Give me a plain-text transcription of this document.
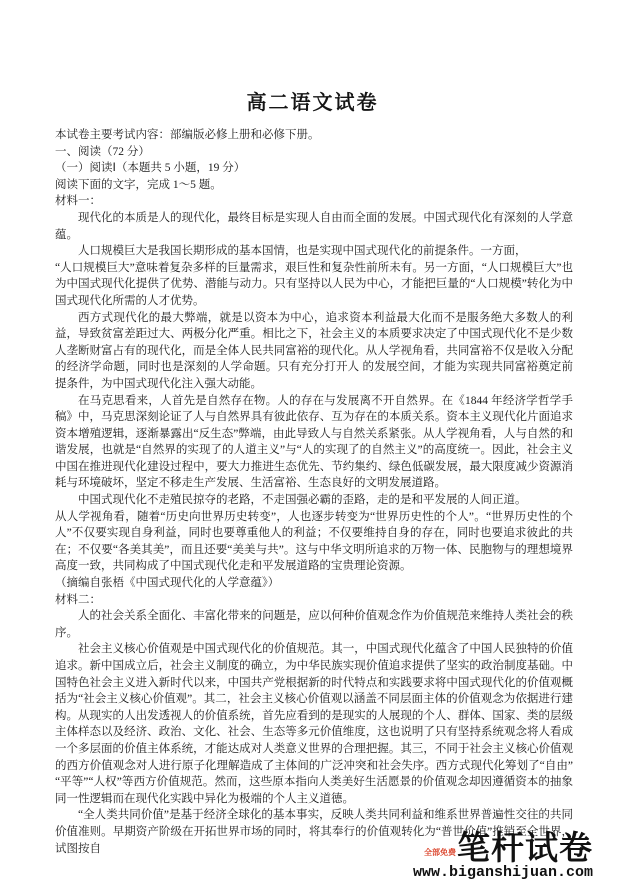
高二语文试卷

本试卷主要考试内容：部编版必修上册和必修下册。

一、阅读（72 分）

（一）阅读Ⅰ（本题共 5 小题，19 分）

阅读下面的文字，完成 1～5 题。

材料一：

现代化的本质是人的现代化，最终目标是实现人自由而全面的发展。中国式现代化有深刻的人学意蕴。

人口规模巨大是我国长期形成的基本国情，也是实现中国式现代化的前提条件。一方面，

“人口规模巨大”意味着复杂多样的巨量需求，艰巨性和复杂性前所未有。另一方面，“人口规模巨大”也为中国式现代化提供了优势、潜能与动力。只有坚持以人民为中心，才能把巨量的“人口规模”转化为中国式现代化所需的人才优势。

西方式现代化的最大弊端，就是以资本为中心，追求资本利益最大化而不是服务绝大多数人的利益，导致贫富差距过大、两极分化严重。相比之下，社会主义的本质要求决定了中国式现代化不是少数人垄断财富占有的现代化，而是全体人民共同富裕的现代化。从人学视角看，共同富裕不仅是收入分配的经济学命题，同时也是深刻的人学命题。只有充分打开人 的发展空间，才能为实现共同富裕奠定前提条件，为中国式现代化注入强大动能。

在马克思看来，人首先是自然存在物。人的存在与发展离不开自然界。在《1844 年经济学哲学手稿》中，马克思深刻论证了人与自然界具有彼此依存、互为存在的本质关系。资本主义现代化片面追求资本增殖逻辑，逐渐暴露出“反生态”弊端，由此导致人与自然关系紧张。从人学视角看，人与自然的和谐发展，也就是“自然界的实现了的人道主义”与“人的实现了的自然主义”的高度统一。因此，社会主义中国在推进现代化建设过程中，要大力推进生态优先、节约集约、绿色低碳发展，最大限度减少资源消耗与环境破坏，坚定不移走生产发展、生活富裕、生态良好的文明发展道路。

中国式现代化不走殖民掠夺的老路，不走国强必霸的歪路，走的是和平发展的人间正道。

从人学视角看，随着“历史向世界历史转变”，人也逐步转变为“世界历史性的个人”。“世界历史性的个人”不仅要实现自身利益，同时也要尊重他人的利益；不仅要维持自身的存在，同时也要追求彼此的共在；不仅要“各美其美”，而且还要“美美与共”。这与中华文明所追求的万物一体、民胞物与的理想境界高度一致，共同构成了中国式现代化走和平发展道路的宝贵理论资源。

（摘编自张梧《中国式现代化的人学意蕴》）

材料二：

人的社会关系全面化、丰富化带来的问题是，应以何种价值观念作为价值规范来维持人类社会的秩序。

社会主义核心价值观是中国式现代化的价值规范。其一，中国式现代化蕴含了中国人民独特的价值追求。新中国成立后，社会主义制度的确立，为中华民族实现价值追求提供了坚实的政治制度基础。中国特色社会主义进入新时代以来，中国共产党根据新的时代特点和实践要求将中国式现代化的价值观概括为“社会主义核心价值观”。其二，社会主义核心价值观以涵盖不同层面主体的价值观念为依据进行建构。从现实的人出发透视人的价值系统，首先应看到的是现实的人展现的个人、群体、国家、类的层级主体样态以及经济、政治、文化、社会、生态等多元价值维度，这也说明了只有坚持系统观念将人看成一个多层面的价值主体系统，才能达成对人类意义世界的合理把握。其三，不同于社会主义核心价值观的西方价值观念对人进行原子化理解造成了主体间的广泛冲突和社会失序。西方式现代化筹划了“自由”“平等”“人权”等西方价值规范。然而，这些原本指向人类美好生活愿景的价值观念却因遵循资本的抽象同一性逻辑而在现代化实践中异化为极端的个人主义道德。

“全人类共同价值”是基于经济全球化的基本事实，反映人类共同利益和维系世界普遍性交往的共同价值准则。早期资产阶级在开拓世界市场的同时，将其奉行的价值观转化为“普世价值”推销至全世界，试图按自	全部免费 笔杆试卷
www.biganshijuan.com
